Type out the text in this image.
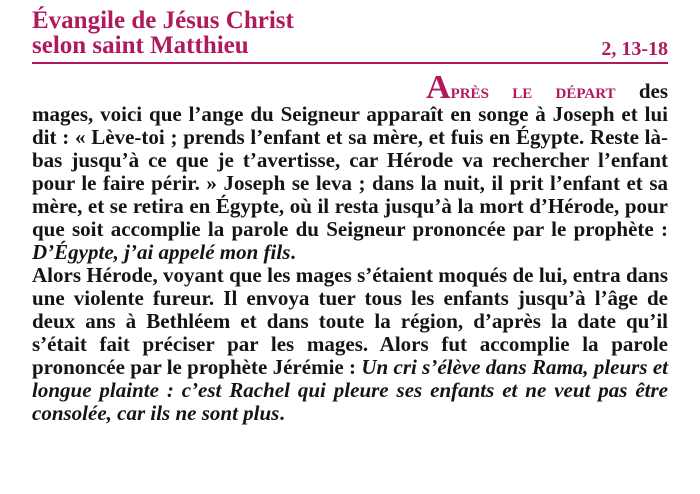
Évangile de Jésus Christ
selon saint Matthieu	2, 13-18

Après le départ des mages, voici que l’ange du Seigneur apparaît en songe à Joseph et lui dit : « Lève-toi ; prends l’enfant et sa mère, et fuis en Égypte. Reste là-bas jusqu’à ce que je t’avertisse, car Hérode va rechercher l’enfant pour le faire périr. » Joseph se leva ; dans la nuit, il prit l’enfant et sa mère, et se retira en Égypte, où il resta jusqu’à la mort d’Hérode, pour que soit accomplie la parole du Seigneur prononcée par le prophète : D’Égypte, j’ai appelé mon fils.

Alors Hérode, voyant que les mages s’étaient moqués de lui, entra dans une violente fureur. Il envoya tuer tous les enfants jusqu’à l’âge de deux ans à Bethléem et dans toute la région, d’après la date qu’il s’était fait préciser par les mages. Alors fut accomplie la parole prononcée par le prophète Jérémie : Un cri s’élève dans Rama, pleurs et longue plainte : c’est Rachel qui pleure ses enfants et ne veut pas être consolée, car ils ne sont plus.
